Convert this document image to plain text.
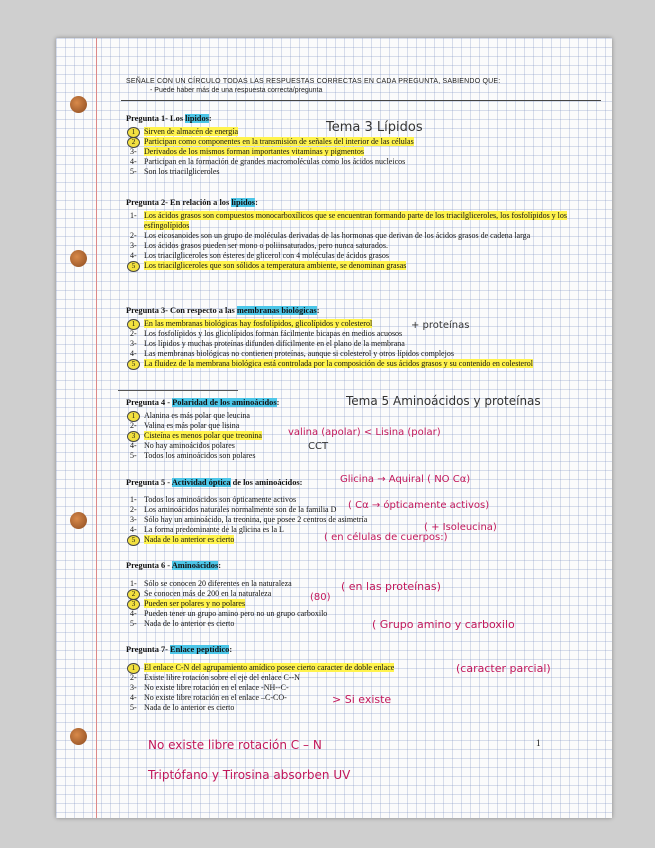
SEÑALE CON UN CÍRCULO TODAS LAS RESPUESTAS CORRECTAS EN CADA PREGUNTA, SABIENDO QUE:
- Puede haber más de una respuesta correcta/pregunta
Pregunta 1- Los lípidos:
1	Sirven de almacén de energía
2	Participan como componentes en la transmisión de señales del interior de las células
3- Derivados de los mismos forman importantes vitaminas y pigmentos
4- Participan en la formación de grandes macromoléculas como los ácidos nucleicos
5- Son los triacilgliceroles
Tema 3 Lípidos
Pregunta 2- En relación a los lípidos:
1- Los ácidos grasos son compuestos monocarboxílicos que se encuentran formando parte de los triacilgliceroles, los fosfolípidos y los esfingolípidos
2- Los eicosanoides son un grupo de moléculas derivadas de las hormonas que derivan de los ácidos grasos de cadena larga
3- Los ácidos grasos pueden ser mono o poliinsaturados, pero nunca saturados.
4- Los triacilgliceroles son ésteres de glicerol con 4 moléculas de ácidos grasos
5	Los triacilgliceroles que son sólidos a temperatura ambiente, se denominan grasas
Pregunta 3- Con respecto a las membranas biológicas:
1	En las membranas biológicas hay fosfolípidos, glicolípidos y colesterol
2- Los fosfolípidos y los glicolípidos forman fácilmente bicapas en medios acuosos
3- Los lípidos y muchas proteínas difunden difícilmente en el plano de la membrana
4- Las membranas biológicas no contienen proteínas, aunque si colesterol y otros lípidos complejos
5	La fluidez de la membrana biológica está controlada por la composición de sus ácidos grasos y su contenido en colesterol
+ proteínas
Pregunta 4 - Polaridad de los aminoácidos:
1	Alanina es más polar que leucina
2- Valina es más polar que lisina
3	Cisteína es menos polar que treonina
4- No hay aminoácidos polares
5- Todos los aminoácidos son polares
Tema 5 Aminoácidos y proteínas
valina (apolar) < Lisina (polar)
CCT
Pregunta 5 - Actividad óptica de los aminoácidos:
1- Todos los aminoácidos son ópticamente activos
2- Los aminoácidos naturales normalmente son de la familia D
3- Sólo hay un aminoácido, la treonina, que posee 2 centros de asimetría
4- La forma predominante de la glicina es la L
5	Nada de lo anterior es cierto
Glicina → Aquiral ( NO Cα)
( Cα → ópticamente activos)
( + Isoleucina)
( en células de cuerpos:)
Pregunta 6 - Aminoácidos:
1- Sólo se conocen 20 diferentes en la naturaleza
2	Se conocen más de 200 en la naturaleza
3	Pueden ser polares y no polares
4- Pueden tener un grupo amino pero no un grupo carboxilo
5- Nada de lo anterior es cierto
( en las proteínas)
(80)
( Grupo amino y carboxilo
Pregunta 7- Enlace peptídico:
1	El enlace C-N del agrupamiento amídico posee cierto caracter de doble enlace
2- Existe libre rotación sobre el eje del enlace C--N
3- No existe libre rotación en el enlace -NH--C-
4- No existe libre rotación en el enlace –C-CO-
5- Nada de lo anterior es cierto
(caracter parcial)
> Si existe
No existe libre rotación C – N
Triptófano y Tirosina absorben UV
1
